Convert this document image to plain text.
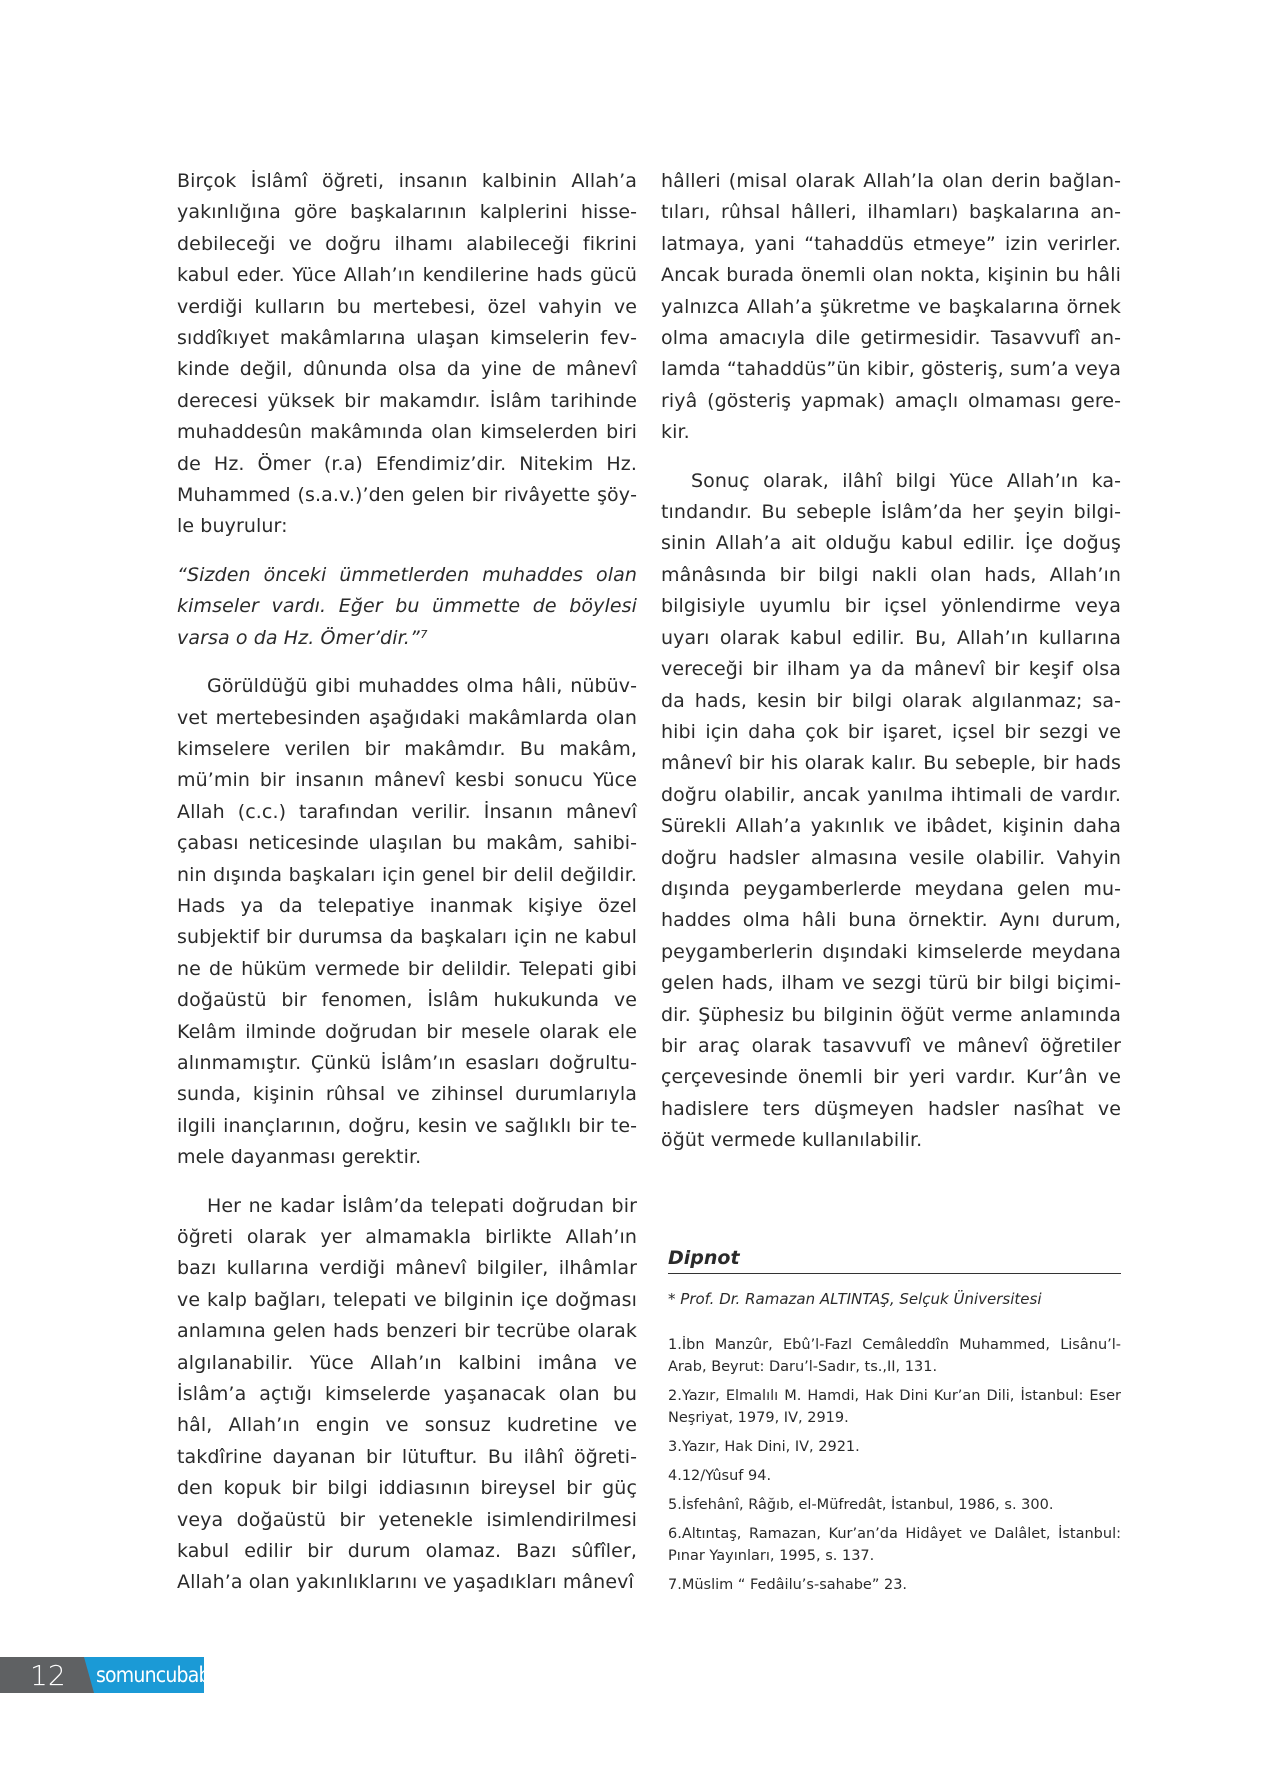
Birçok İslâmî öğreti, insanın kalbinin Allah’a yakınlığına göre başkalarının kalplerini hissedebileceği ve doğru ilhamı alabileceği fikrini kabul eder. Yüce Allah’ın kendilerine hads gücü verdiği kulların bu mertebesi, özel vahyin ve sıddîkıyet makâmlarına ulaşan kimselerin fevkinde değil, dûnunda olsa da yine de mânevî derecesi yüksek bir makamdır. İslâm tarihinde muhaddesûn makâmında olan kimselerden biri de Hz. Ömer (r.a) Efendimiz’dir. Nitekim Hz. Muhammed (s.a.v.)’den gelen bir rivâyette şöyle buyrulur:

“Sizden önceki ümmetlerden muhaddes olan kimseler vardı. Eğer bu ümmette de böylesi varsa o da Hz. Ömer’dir.”⁷

Görüldüğü gibi muhaddes olma hâli, nübüvvet mertebesinden aşağıdaki makâmlarda olan kimselere verilen bir makâmdır. Bu makâm, mü’min bir insanın mânevî kesbi sonucu Yüce Allah (c.c.) tarafından verilir. İnsanın mânevî çabası neticesinde ulaşılan bu makâm, sahibinin dışında başkaları için genel bir delil değildir. Hads ya da telepatiye inanmak kişiye özel subjektif bir durumsa da başkaları için ne kabul ne de hüküm vermede bir delildir. Telepati gibi doğaüstü bir fenomen, İslâm hukukunda ve Kelâm ilminde doğrudan bir mesele olarak ele alınmamıştır. Çünkü İslâm’ın esasları doğrultusunda, kişinin rûhsal ve zihinsel durumlarıyla ilgili inançlarının, doğru, kesin ve sağlıklı bir temele dayanması gerektir.

Her ne kadar İslâm’da telepati doğrudan bir öğreti olarak yer almamakla birlikte Allah’ın bazı kullarına verdiği mânevî bilgiler, ilhâmlar ve kalp bağları, telepati ve bilginin içe doğması anlamına gelen hads benzeri bir tecrübe olarak algılanabilir. Yüce Allah’ın kalbini imâna ve İslâm’a açtığı kimselerde yaşanacak olan bu hâl, Allah’ın engin ve sonsuz kudretine ve takdîrine dayanan bir lütuftur. Bu ilâhî öğretiden kopuk bir bilgi iddiasının bireysel bir güç veya doğaüstü bir yetenekle isimlendirilmesi kabul edilir bir durum olamaz. Bazı sûfîler, Allah’a olan yakınlıklarını ve yaşadıkları mânevî

hâlleri (misal olarak Allah’la olan derin bağlantıları, rûhsal hâlleri, ilhamları) başkalarına anlatmaya, yani “tahaddüs etmeye” izin verirler. Ancak burada önemli olan nokta, kişinin bu hâli yalnızca Allah’a şükretme ve başkalarına örnek olma amacıyla dile getirmesidir. Tasavvufî anlamda “tahaddüs”ün kibir, gösteriş, sum’a veya riyâ (gösteriş yapmak) amaçlı olmaması gerekir.

Sonuç olarak, ilâhî bilgi Yüce Allah’ın katındandır. Bu sebeple İslâm’da her şeyin bilgisinin Allah’a ait olduğu kabul edilir. İçe doğuş mânâsında bir bilgi nakli olan hads, Allah’ın bilgisiyle uyumlu bir içsel yönlendirme veya uyarı olarak kabul edilir. Bu, Allah’ın kullarına vereceği bir ilham ya da mânevî bir keşif olsa da hads, kesin bir bilgi olarak algılanmaz; sahibi için daha çok bir işaret, içsel bir sezgi ve mânevî bir his olarak kalır. Bu sebeple, bir hads doğru olabilir, ancak yanılma ihtimali de vardır. Sürekli Allah’a yakınlık ve ibâdet, kişinin daha doğru hadsler almasına vesile olabilir. Vahyin dışında peygamberlerde meydana gelen muhaddes olma hâli buna örnektir. Aynı durum, peygamberlerin dışındaki kimselerde meydana gelen hads, ilham ve sezgi türü bir bilgi biçimidir. Şüphesiz bu bilginin öğüt verme anlamında bir araç olarak tasavvufî ve mânevî öğretiler çerçevesinde önemli bir yeri vardır. Kur’ân ve hadislere ters düşmeyen hadsler nasîhat ve öğüt vermede kullanılabilir.

Dipnot

* Prof. Dr. Ramazan ALTINTAŞ, Selçuk Üniversitesi

1.İbn Manzûr, Ebû’l-Fazl Cemâleddîn Muhammed, Lisânu’l-Arab, Beyrut: Daru’l-Sadır, ts.,II, 131.

2.Yazır, Elmalılı M. Hamdi, Hak Dini Kur’an Dili, İstanbul: Eser Neşriyat, 1979, IV, 2919.

3.Yazır, Hak Dini, IV, 2921.

4.12/Yûsuf 94.

5.İsfehânî, Râğıb, el-Müfredât, İstanbul, 1986, s. 300.

6.Altıntaş, Ramazan, Kur’an’da Hidâyet ve Dalâlet, İstanbul: Pınar Yayınları, 1995, s. 137.

7.Müslim “ Fedâilu’s-sahabe” 23.

12 somuncubaba
